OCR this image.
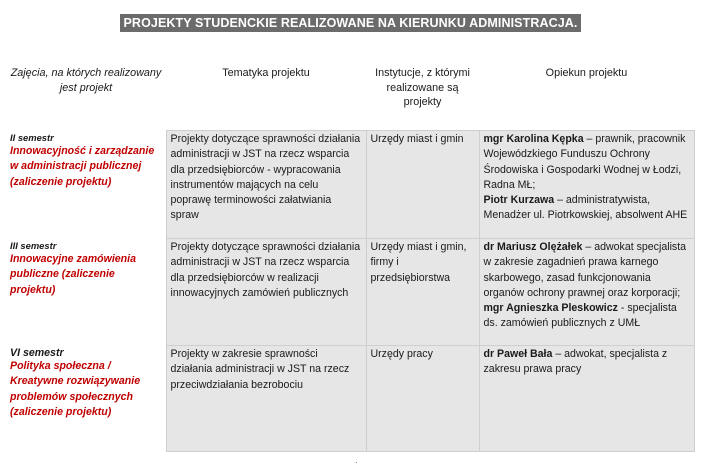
PROJEKTY STUDENCKIE REALIZOWANE NA KIERUNKU ADMINISTRACJA.
Zajęcia, na których realizowany jest projekt	Tematyka projektu	Instytucje, z którymi realizowane są projekty	Opiekun projektu

II semestr
Innowacyjność i zarządzanie w administracji publicznej (zaliczenie projektu)	Projekty dotyczące sprawności działania administracji w JST na rzecz wsparcia dla przedsiębiorców - wypracowania instrumentów mających na celu poprawę terminowości załatwiania spraw	Urzędy miast i gmin	mgr Karolina Kępka – prawnik, pracownik Wojewódzkiego Funduszu Ochrony Środowiska i Gospodarki Wodnej w Łodzi, Radna MŁ;
Piotr Kurzawa – administratywista, Menadżer ul. Piotrkowskiej, absolwent AHE

III semestr
Innowacyjne zamówienia publiczne (zaliczenie projektu)	Projekty dotyczące sprawności działania administracji w JST na rzecz wsparcia dla przedsiębiorców w realizacji innowacyjnych zamówień publicznych	Urzędy miast i gmin, firmy i przedsiębiorstwa	dr Mariusz Olężałek – adwokat specjalista w zakresie zagadnień prawa karnego skarbowego, zasad funkcjonowania organów ochrony prawnej oraz korporacji;
mgr Agnieszka Pleskowicz - specjalista ds. zamówień publicznych z UMŁ

VI semestr
Polityka społeczna / Kreatywne rozwiązywanie problemów społecznych (zaliczenie projektu)	Projekty w zakresie sprawności działania administracji w JST na rzecz przeciwdziałania bezrobociu	Urzędy pracy	dr Paweł Bała – adwokat, specjalista z zakresu prawa pracy
·
